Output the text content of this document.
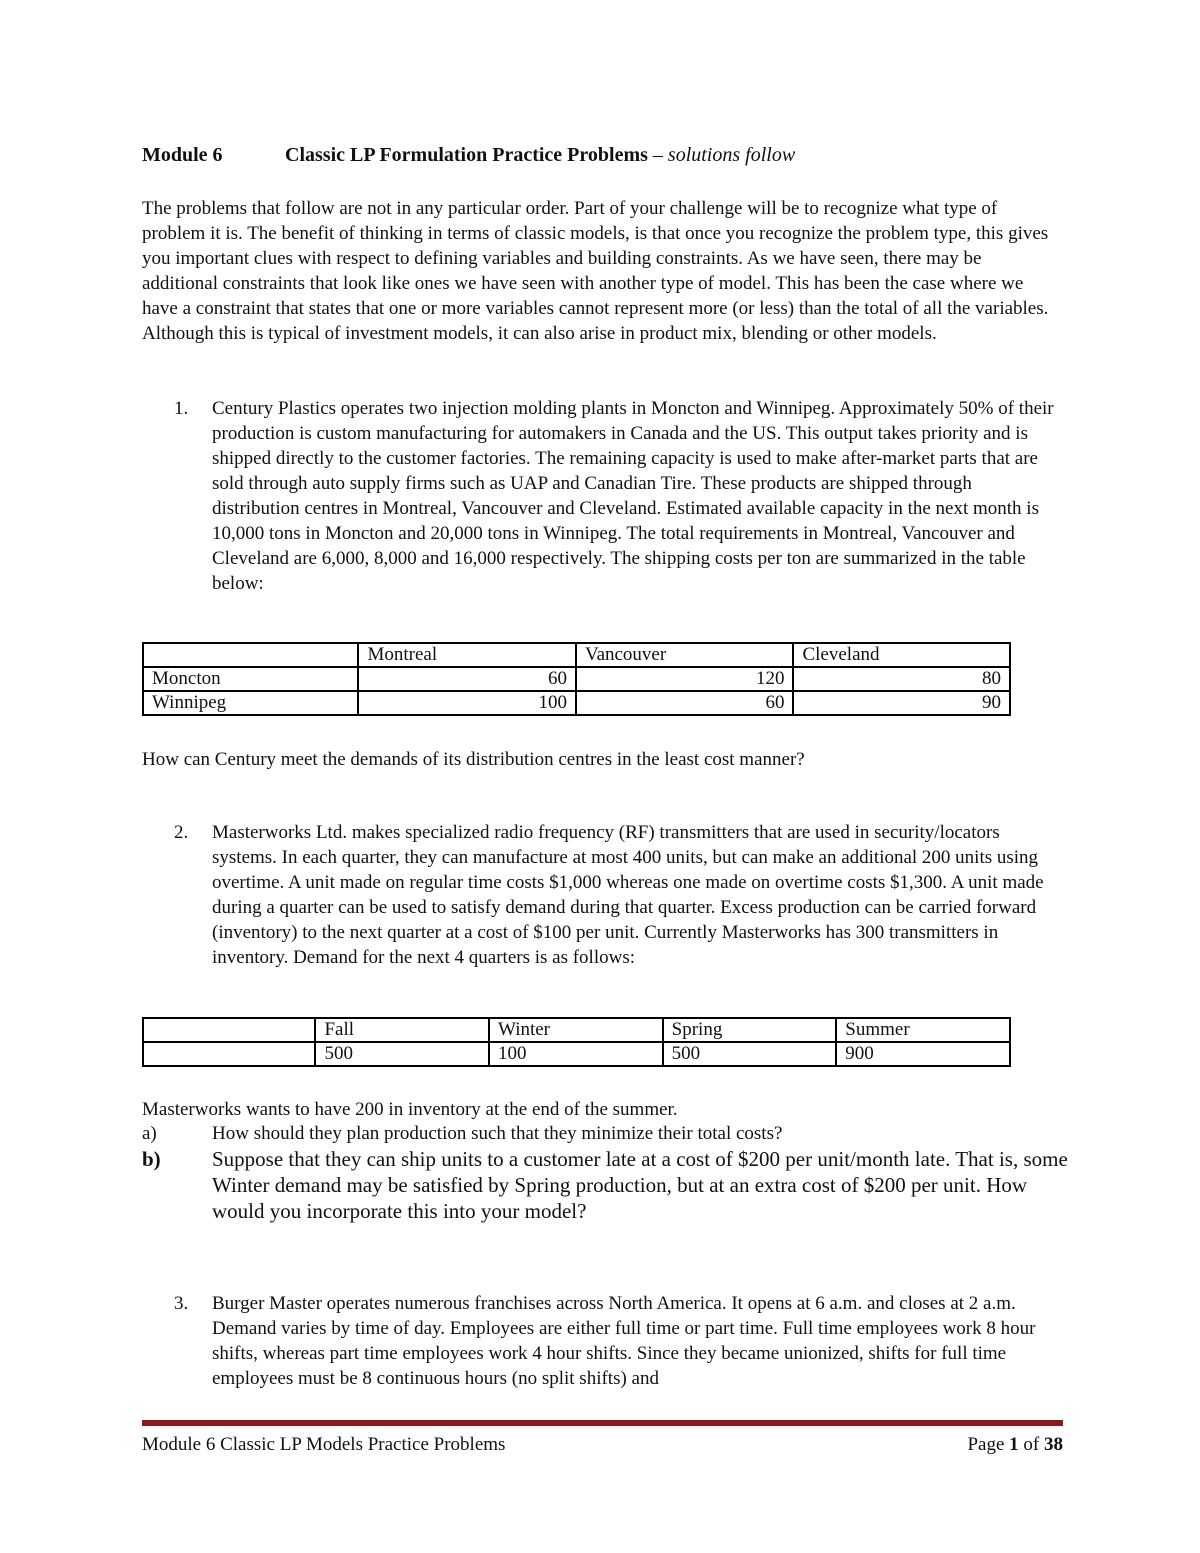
Module 6	Classic LP Formulation Practice Problems – solutions follow
The problems that follow are not in any particular order. Part of your challenge will be to recognize what type of problem it is. The benefit of thinking in terms of classic models, is that once you recognize the problem type, this gives you important clues with respect to defining variables and building constraints. As we have seen, there may be additional constraints that look like ones we have seen with another type of model. This has been the case where we have a constraint that states that one or more variables cannot represent more (or less) than the total of all the variables. Although this is typical of investment models, it can also arise in product mix, blending or other models.
1. Century Plastics operates two injection molding plants in Moncton and Winnipeg. Approximately 50% of their production is custom manufacturing for automakers in Canada and the US. This output takes priority and is shipped directly to the customer factories. The remaining capacity is used to make after-market parts that are sold through auto supply firms such as UAP and Canadian Tire. These products are shipped through distribution centres in Montreal, Vancouver and Cleveland. Estimated available capacity in the next month is 10,000 tons in Moncton and 20,000 tons in Winnipeg. The total requirements in Montreal, Vancouver and Cleveland are 6,000, 8,000 and 16,000 respectively. The shipping costs per ton are summarized in the table below:
	Montreal	Vancouver	Cleveland
Moncton	60	120	80
Winnipeg	100	60	90
How can Century meet the demands of its distribution centres in the least cost manner?
2. Masterworks Ltd. makes specialized radio frequency (RF) transmitters that are used in security/locators systems. In each quarter, they can manufacture at most 400 units, but can make an additional 200 units using overtime. A unit made on regular time costs $1,000 whereas one made on overtime costs $1,300. A unit made during a quarter can be used to satisfy demand during that quarter. Excess production can be carried forward (inventory) to the next quarter at a cost of $100 per unit. Currently Masterworks has 300 transmitters in inventory. Demand for the next 4 quarters is as follows:
	Fall	Winter	Spring	Summer
	500	100	500	900
Masterworks wants to have 200 in inventory at the end of the summer.
a)	How should they plan production such that they minimize their total costs?
b) Suppose that they can ship units to a customer late at a cost of $200 per unit/month late. That is, some Winter demand may be satisfied by Spring production, but at an extra cost of $200 per unit. How would you incorporate this into your model?
3. Burger Master operates numerous franchises across North America. It opens at 6 a.m. and closes at 2 a.m. Demand varies by time of day. Employees are either full time or part time. Full time employees work 8 hour shifts, whereas part time employees work 4 hour shifts. Since they became unionized, shifts for full time employees must be 8 continuous hours (no split shifts) and
Module 6 Classic LP Models Practice Problems	Page 1 of 38
